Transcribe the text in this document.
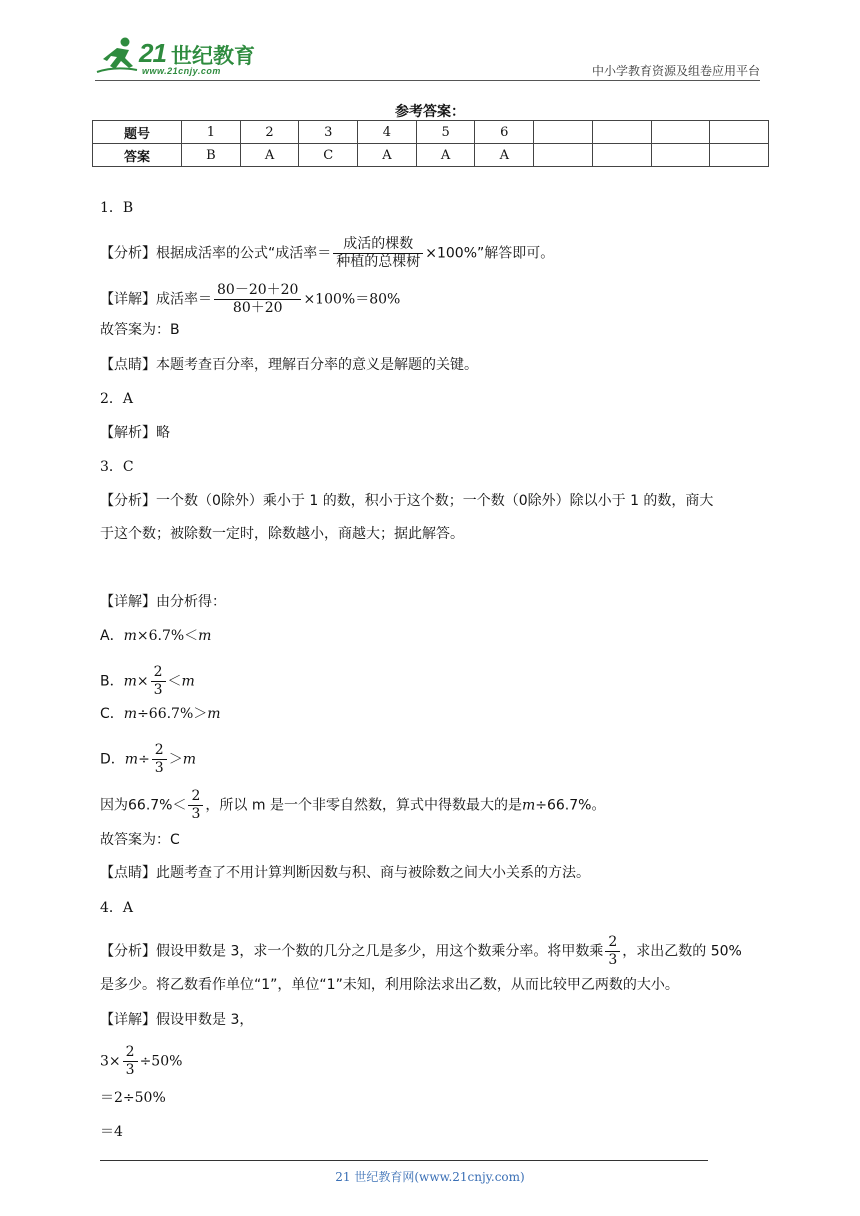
21 世纪教育
www.21cnjy.com	中小学教育资源及组卷应用平台
参考答案：
题号	1	2	3	4	5	6				
答案	B	A	C	A	A	A				
1．B
【分析】根据成活率的公式“成活率＝ $\frac{\text{成活的棵数}}{\text{种植的总棵树}} \times 100\%$”解答即可。
【详解】成活率＝ $\frac{80-20+20}{80+20} \times 100\%=80\%$
故答案为：B
【点睛】本题考查百分率，理解百分率的意义是解题的关键。
2．A
【解析】略
3．C
【分析】一个数（0除外）乘小于 1 的数，积小于这个数；一个数（0除外）除以小于 1 的数，商大
于这个数；被除数一定时，除数越小，商越大；据此解答。
【详解】由分析得：
A．m×6.7%＜m
B．$m\times \frac{2}{3} <m$
C．m÷66.7%＞m
D．$m\div \frac{2}{3} >m$
因为$66.7\%< \frac{2}{3}$ ，所以 m 是一个非零自然数，算式中得数最大的是m÷66.7%。
故答案为：C
【点睛】此题考查了不用计算判断因数与积、商与被除数之间大小关系的方法。
4．A
【分析】假设甲数是 3，求一个数的几分之几是多少，用这个数乘分率。将甲数乘 $\frac{2}{3}$ ，求出乙数的 50%
是多少。将乙数看作单位“1”，单位“1”未知，利用除法求出乙数，从而比较甲乙两数的大小。
【详解】假设甲数是 3，
$3\times \frac{2}{3} \div 50\%$
＝2÷50%
＝4
21 世纪教育网(www.21cnjy.com)
